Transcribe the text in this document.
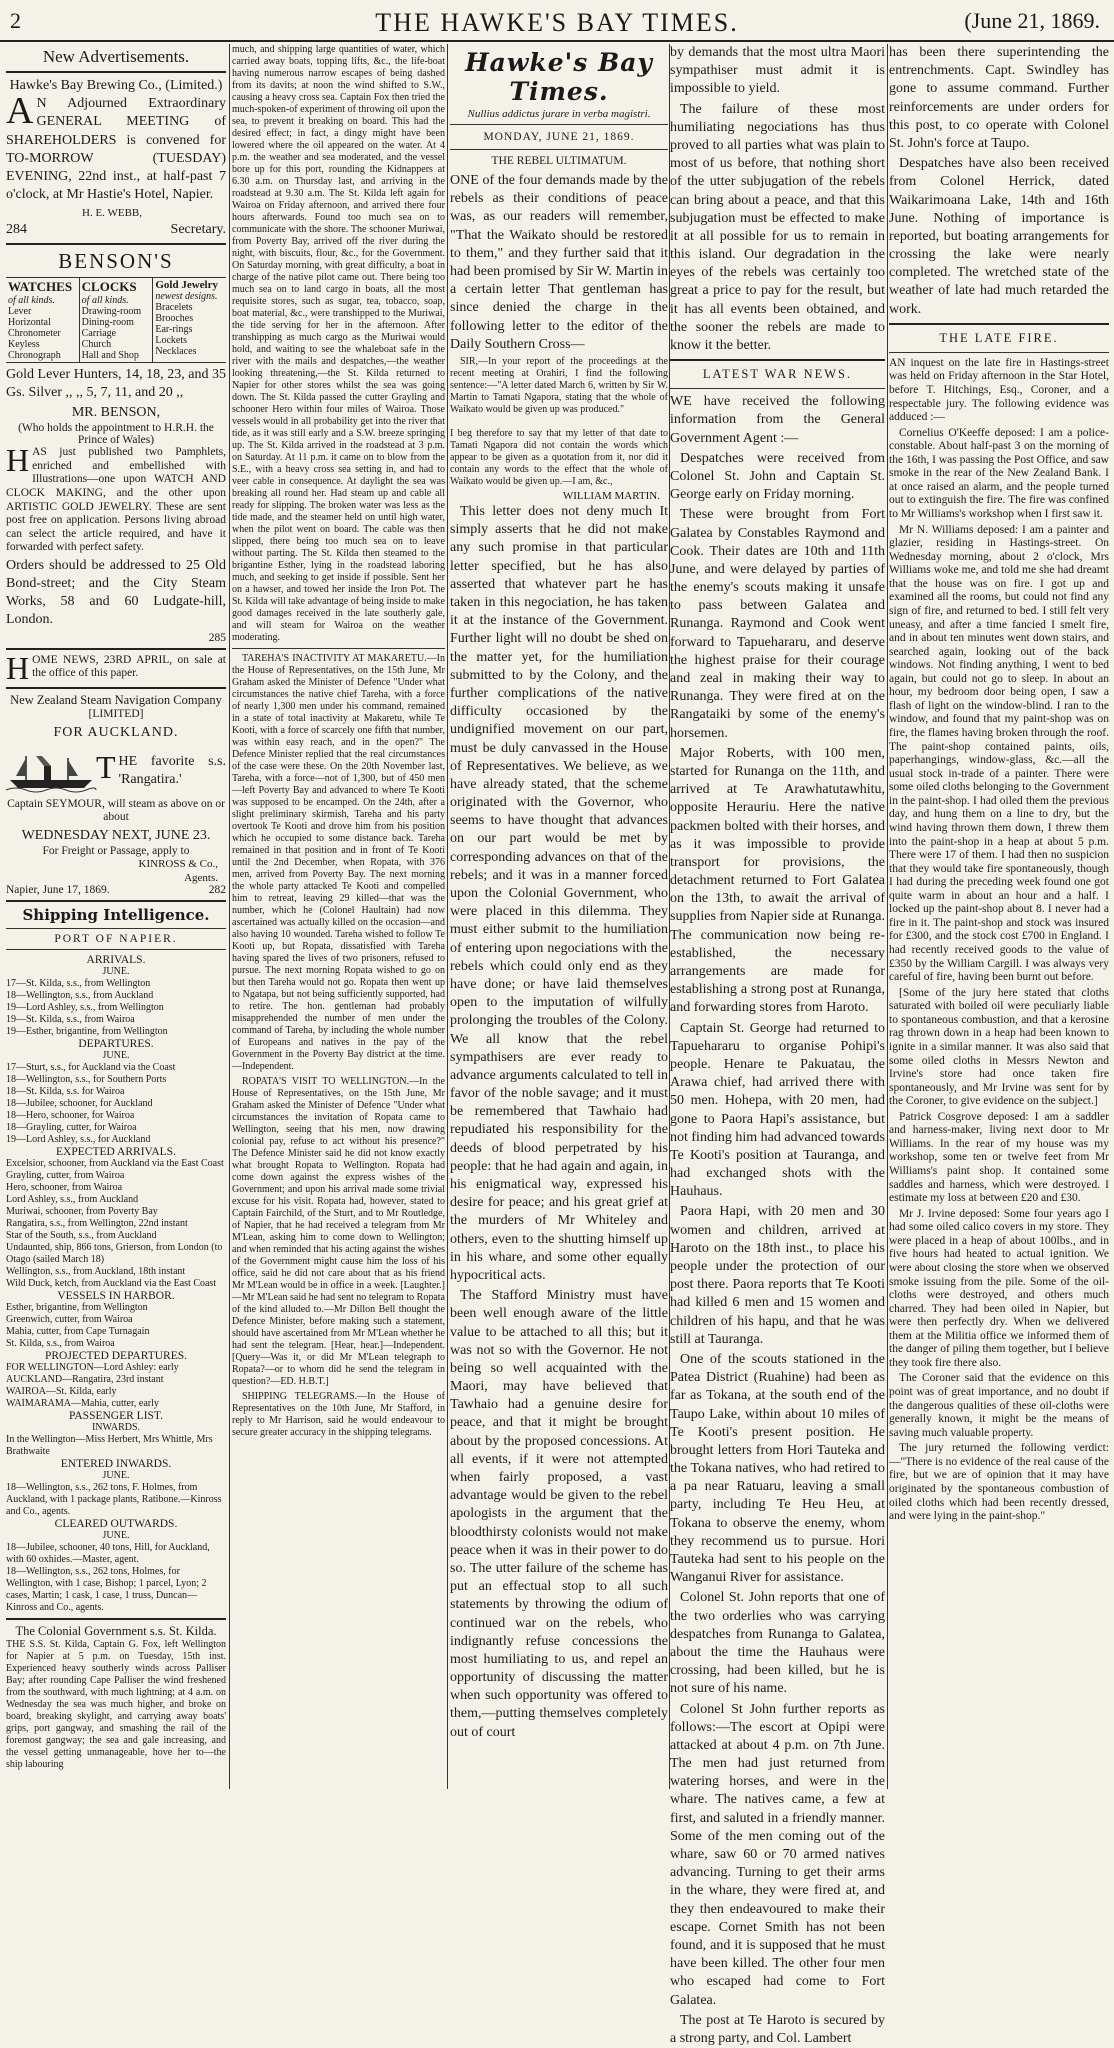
2	THE HAWKE'S BAY TIMES.	(June 21, 1869.
New Advertisements.
Hawke's Bay Brewing Co., (Limited.)
A N Adjourned Extraordinary GENERAL MEETING of SHAREHOLDERS is convened for TO-MORROW (TUESDAY) EVENING, 22nd inst., at half-past 7 o'clock, at Mr Hastie's Hotel, Napier.
H. E. WEBB,
284	Secretary.
BENSON'S
WATCHES
of all kinds.
Lever
Horizontal
Chronometer
Keyless
Chronograph
CLOCKS
of all kinds.
Drawing-room
Dining-room
Carriage
Church
Hall and Shop
Gold Jewelry
newest designs.
Bracelets
Brooches
Ear-rings
Lockets
Necklaces
Gold Lever Hunters, 14, 18, 23, and 35 Gs. Silver ,, ,, 5, 7, 11, and 20 ,,
MR. BENSON,
(Who holds the appointment to H.R.H. the Prince of Wales)
HAS just published two Pamphlets, enriched and embellished with Illustrations—one upon WATCH AND CLOCK MAKING, and the other upon ARTISTIC GOLD JEWELRY. These are sent post free on application. Persons living abroad can select the article required, and have it forwarded with perfect safety.
Orders should be addressed to 25 Old Bond-street; and the City Steam Works, 58 and 60 Ludgate-hill, London.
285
HOME NEWS, 23RD APRIL, on sale at the office of this paper.
New Zealand Steam Navigation Company
[LIMITED]
FOR AUCKLAND.
THE favorite s.s. 'Rangatira.'
Captain SEYMOUR, will steam as above on or about
WEDNESDAY NEXT, JUNE 23.
For Freight or Passage, apply to
KINROSS & Co.,
Agents.
Napier, June 17, 1869.	282
Shipping Intelligence.
PORT OF NAPIER.
ARRIVALS.
JUNE.
17—St. Kilda, s.s., from Wellington
18—Wellington, s.s., from Auckland
19—Lord Ashley, s.s., from Wellington
19—St. Kilda, s.s., from Wairoa
19—Esther, brigantine, from Wellington
DEPARTURES.
JUNE.
17—Sturt, s.s., for Auckland via the Coast
18—Wellington, s.s., for Southern Ports
18—St. Kilda, s.s. for Wairoa
18—Jubilee, schooner, for Auckland
18—Hero, schooner, for Wairoa
18—Grayling, cutter, for Wairoa
19—Lord Ashley, s.s., for Auckland
EXPECTED ARRIVALS.
Excelsior, schooner, from Auckland via the East Coast
Grayling, cutter, from Wairoa
Hero, schooner, from Wairoa
Lord Ashley, s.s., from Auckland
Muriwai, schooner, from Poverty Bay
Rangatira, s.s., from Wellington, 22nd instant
Star of the South, s.s., from Auckland
Undaunted, ship, 866 tons, Grierson, from London (to Otago (sailed March 18)
Wellington, s.s., from Auckland, 18th instant
Wild Duck, ketch, from Auckland via the East Coast
VESSELS IN HARBOR.
Esther, brigantine, from Wellington
Greenwich, cutter, from Wairoa
Mahia, cutter, from Cape Turnagain
St. Kilda, s.s., from Wairoa
PROJECTED DEPARTURES.
FOR WELLINGTON—Lord Ashley: early
AUCKLAND—Rangatira, 23rd instant
WAIROA—St. Kilda, early
WAIMARAMA—Mahia, cutter, early
PASSENGER LIST.
INWARDS.
In the Wellington—Miss Herbert, Mrs Whittle, Mrs Brathwaite
ENTERED INWARDS.
JUNE.
18—Wellington, s.s., 262 tons, F. Holmes, from Auckland, with 1 package plants, Ratibone.—Kinross and Co., agents.
CLEARED OUTWARDS.
JUNE.
18—Jubilee, schooner, 40 tons, Hill, for Auckland, with 60 oxhides.—Master, agent.
18—Wellington, s.s., 262 tons, Holmes, for Wellington, with 1 case, Bishop; 1 parcel, Lyon; 2 cases, Martin; 1 cask, 1 case, 1 truss, Duncan—Kinross and Co., agents.
The Colonial Government s.s. St. Kilda.
THE S.S. St. Kilda, Captain G. Fox, left Wellington for Napier at 5 p.m. on Tuesday, 15th inst. Experienced heavy southerly winds across Palliser Bay; after rounding Cape Palliser the wind freshened from the southward, with much lightning; at 4 a.m. on Wednesday the sea was much higher, and broke on board, breaking skylight, and carrying away boats' grips, port gangway, and smashing the rail of the foremost gangway; the sea and gale increasing, and the vessel getting unmanageable, hove her to—the ship labouring
much, and shipping large quantities of water, which carried away boats, topping lifts, &c., the life-boat having numerous narrow escapes of being dashed from its davits; at noon the wind shifted to S.W., causing a heavy cross sea. Captain Fox then tried the much-spoken-of experiment of throwing oil upon the sea, to prevent it breaking on board. This had the desired effect; in fact, a dingy might have been lowered where the oil appeared on the water. At 4 p.m. the weather and sea moderated, and the vessel bore up for this port, rounding the Kidnappers at 6.30 a.m. on Thursday last, and arriving in the roadstead at 9.30 a.m. The St. Kilda left again for Wairoa on Friday afternoon, and arrived there four hours afterwards. Found too much sea on to communicate with the shore. The schooner Muriwai, from Poverty Bay, arrived off the river during the night, with biscuits, flour, &c., for the Government. On Saturday morning, with great difficulty, a boat in charge of the native pilot came out. There being too much sea on to land cargo in boats, all the most requisite stores, such as sugar, tea, tobacco, soap, boat material, &c., were transhipped to the Muriwai, the tide serving for her in the afternoon. After transhipping as much cargo as the Muriwai would hold, and waiting to see the whaleboat safe in the river with the mails and despatches,—the weather looking threatening,—the St. Kilda returned to Napier for other stores whilst the sea was going down. The St. Kilda passed the cutter Grayling and schooner Hero within four miles of Wairoa. Those vessels would in all probability get into the river that tide, as it was still early and a S.W. breeze springing up. The St. Kilda arrived in the roadstead at 3 p.m. on Saturday. At 11 p.m. it came on to blow from the S.E., with a heavy cross sea setting in, and had to veer cable in consequence. At daylight the sea was breaking all round her. Had steam up and cable all ready for slipping. The broken water was less as the tide made, and the steamer held on until high water, when the pilot went on board. The cable was then slipped, there being too much sea on to leave without parting. The St. Kilda then steamed to the brigantine Esther, lying in the roadstead laboring much, and seeking to get inside if possible. Sent her on a hawser, and towed her inside the Iron Pot. The St. Kilda will take advantage of being inside to make good damages received in the late southerly gale, and will steam for Wairoa on the weather moderating.
TAREHA'S INACTIVITY AT MAKARETU.—In the House of Representatives, on the 15th June, Mr Graham asked the Minister of Defence "Under what circumstances the native chief Tareha, with a force of nearly 1,300 men under his command, remained in a state of total inactivity at Makaretu, while Te Kooti, with a force of scarcely one fifth that number, was within easy reach, and in the open?" The Defence Minister replied that the real circumstances of the case were these. On the 20th November last, Tareha, with a force—not of 1,300, but of 450 men—left Poverty Bay and advanced to where Te Kooti was supposed to be encamped. On the 24th, after a slight preliminary skirmish, Tareha and his party overtook Te Kooti and drove him from his position which he occupied to some distance back. Tareha remained in that position and in front of Te Kooti until the 2nd December, when Ropata, with 376 men, arrived from Poverty Bay. The next morning the whole party attacked Te Kooti and compelled him to retreat, leaving 29 killed—that was the number, which he (Colonel Haultain) had now ascertained was actually killed on the occasion—and also having 10 wounded. Tareha wished to follow Te Kooti up, but Ropata, dissatisfied with Tareha having spared the lives of two prisoners, refused to pursue. The next morning Ropata wished to go on but then Tareha would not go. Ropata then went up to Ngatapa, but not being sufficiently supported, had to retire. The hon. gentleman had probably misapprehended the number of men under the command of Tareha, by including the whole number of Europeans and natives in the pay of the Government in the Poverty Bay district at the time.—Independent.
ROPATA'S VISIT TO WELLINGTON.—In the House of Representatives, on the 15th June, Mr Graham asked the Minister of Defence "Under what circumstances the invitation of Ropata came to Wellington, seeing that his men, now drawing colonial pay, refuse to act without his presence?" The Defence Minister said he did not know exactly what brought Ropata to Wellington. Ropata had come down against the express wishes of the Government; and upon his arrival made some trivial excuse for his visit. Ropata had, however, stated to Captain Fairchild, of the Sturt, and to Mr Routledge, of Napier, that he had received a telegram from Mr M'Lean, asking him to come down to Wellington; and when reminded that his acting against the wishes of the Government might cause him the loss of his office, said he did not care about that as his friend Mr M'Lean would be in office in a week. [Laughter.]—Mr M'Lean said he had sent no telegram to Ropata of the kind alluded to.—Mr Dillon Bell thought the Defence Minister, before making such a statement, should have ascertained from Mr M'Lean whether he had sent the telegram. [Hear, hear.]—Independent. [Query—Was it, or did Mr M'Lean telegraph to Ropata?—or to whom did he send the telegram in question?—ED. H.B.T.]
SHIPPING TELEGRAMS.—In the House of Representatives on the 10th June, Mr Stafford, in reply to Mr Harrison, said he would endeavour to secure greater accuracy in the shipping telegrams.
Hawke's Bay Times.
Nullius addictus jurare in verba magistri.
MONDAY, JUNE 21, 1869.
THE REBEL ULTIMATUM.
ONE of the four demands made by the rebels as their conditions of peace was, as our readers will remember, "That the Waikato should be restored to them," and they further said that it had been promised by Sir W. Martin in a certain letter That gentleman has since denied the charge in the following letter to the editor of the Daily Southern Cross—
SIR,—In your report of the proceedings at the recent meeting at Orahiri, I find the following sentence:—"A letter dated March 6, written by Sir W. Martin to Tamati Ngapora, stating that the whole of Waikato would be given up was produced."

I beg therefore to say that my letter of that date to Tamati Ngapora did not contain the words which appear to be given as a quotation from it, nor did it contain any words to the effect that the whole of Waikato would be given up.—I am, &c.,
WILLIAM MARTIN.
This letter does not deny much It simply asserts that he did not make any such promise in that particular letter specified, but he has also asserted that whatever part he has taken in this negociation, he has taken it at the instance of the Government. Further light will no doubt be shed on the matter yet, for the humiliation submitted to by the Colony, and the further complications of the native difficulty occasioned by the undignified movement on our part, must be duly canvassed in the House of Representatives. We believe, as we have already stated, that the scheme originated with the Governor, who seems to have thought that advances on our part would be met by corresponding advances on that of the rebels; and it was in a manner forced upon the Colonial Government, who were placed in this dilemma. They must either submit to the humiliation of entering upon negociations with the rebels which could only end as they have done; or have laid themselves open to the imputation of wilfully prolonging the troubles of the Colony. We all know that the rebel sympathisers are ever ready to advance arguments calculated to tell in favor of the noble savage; and it must be remembered that Tawhaio had repudiated his responsibility for the deeds of blood perpetrated by his people: that he had again and again, in his enigmatical way, expressed his desire for peace; and his great grief at the murders of Mr Whiteley and others, even to the shutting himself up in his whare, and some other equally hypocritical acts.
The Stafford Ministry must have been well enough aware of the little value to be attached to all this; but it was not so with the Governor. He not being so well acquainted with the Maori, may have believed that Tawhaio had a genuine desire for peace, and that it might be brought about by the proposed concessions. At all events, if it were not attempted when fairly proposed, a vast advantage would be given to the rebel apologists in the argument that the bloodthirsty colonists would not make peace when it was in their power to do so. The utter failure of the scheme has put an effectual stop to all such statements by throwing the odium of continued war on the rebels, who indignantly refuse concessions the most humiliating to us, and repel an opportunity of discussing the matter when such opportunity was offered to them,—putting themselves completely out of court
by demands that the most ultra Maori sympathiser must admit it is impossible to yield.
The failure of these most humiliating negociations has thus proved to all parties what was plain to most of us before, that nothing short of the utter subjugation of the rebels can bring about a peace, and that this subjugation must be effected to make it at all possible for us to remain in this island. Our degradation in the eyes of the rebels was certainly too great a price to pay for the result, but it has all events been obtained, and the sooner the rebels are made to know it the better.
LATEST WAR NEWS.
WE have received the following information from the General Government Agent :—
Despatches were received from Colonel St. John and Captain St. George early on Friday morning.
These were brought from Fort Galatea by Constables Raymond and Cook. Their dates are 10th and 11th June, and were delayed by parties of the enemy's scouts making it unsafe to pass between Galatea and Runanga. Raymond and Cook went forward to Tapuehararu, and deserve the highest praise for their courage and zeal in making their way to Runanga. They were fired at on the Rangataiki by some of the enemy's horsemen.
Major Roberts, with 100 men, started for Runanga on the 11th, and arrived at Te Arawhatutawhitu, opposite Herauriu. Here the native packmen bolted with their horses, and as it was impossible to provide transport for provisions, the detachment returned to Fort Galatea on the 13th, to await the arrival of supplies from Napier side at Runanga. The communication now being re-established, the necessary arrangements are made for establishing a strong post at Runanga, and forwarding stores from Haroto.
Captain St. George had returned to Tapuehararu to organise Pohipi's people. Henare te Pakuatau, the Arawa chief, had arrived there with 50 men. Hohepa, with 20 men, had gone to Paora Hapi's assistance, but not finding him had advanced towards Te Kooti's position at Tauranga, and had exchanged shots with the Hauhaus.
Paora Hapi, with 20 men and 30 women and children, arrived at Haroto on the 18th inst., to place his people under the protection of our post there. Paora reports that Te Kooti had killed 6 men and 15 women and children of his hapu, and that he was still at Tauranga.
One of the scouts stationed in the Patea District (Ruahine) had been as far as Tokana, at the south end of the Taupo Lake, within about 10 miles of Te Kooti's present position. He brought letters from Hori Tauteka and the Tokana natives, who had retired to a pa near Ratuaru, leaving a small party, including Te Heu Heu, at Tokana to observe the enemy, whom they recommend us to pursue. Hori Tauteka had sent to his people on the Wanganui River for assistance.
Colonel St. John reports that one of the two orderlies who was carrying despatches from Runanga to Galatea, about the time the Hauhaus were crossing, had been killed, but he is not sure of his name.
Colonel St John further reports as follows:—The escort at Opipi were attacked at about 4 p.m. on 7th June. The men had just returned from watering horses, and were in the whare. The natives came, a few at first, and saluted in a friendly manner. Some of the men coming out of the whare, saw 60 or 70 armed natives advancing. Turning to get their arms in the whare, they were fired at, and they then endeavoured to make their escape. Cornet Smith has not been found, and it is supposed that he must have been killed. The other four men who escaped had come to Fort Galatea.
The post at Te Haroto is secured by a strong party, and Col. Lambert
has been there superintending the entrenchments. Capt. Swindley has gone to assume command. Further reinforcements are under orders for this post, to co operate with Colonel St. John's force at Taupo.
Despatches have also been received from Colonel Herrick, dated Waikarimoana Lake, 14th and 16th June. Nothing of importance is reported, but boating arrangements for crossing the lake were nearly completed. The wretched state of the weather of late had much retarded the work.
THE LATE FIRE.
AN inquest on the late fire in Hastings-street was held on Friday afternoon in the Star Hotel, before T. Hitchings, Esq., Coroner, and a respectable jury. The following evidence was adduced :—
Cornelius O'Keeffe deposed: I am a police-constable. About half-past 3 on the morning of the 16th, I was passing the Post Office, and saw smoke in the rear of the New Zealand Bank. I at once raised an alarm, and the people turned out to extinguish the fire. The fire was confined to Mr Williams's workshop when I first saw it.
Mr N. Williams deposed: I am a painter and glazier, residing in Hastings-street. On Wednesday morning, about 2 o'clock, Mrs Williams woke me, and told me she had dreamt that the house was on fire. I got up and examined all the rooms, but could not find any sign of fire, and returned to bed. I still felt very uneasy, and after a time fancied I smelt fire, and in about ten minutes went down stairs, and searched again, looking out of the back windows. Not finding anything, I went to bed again, but could not go to sleep. In about an hour, my bedroom door being open, I saw a flash of light on the window-blind. I ran to the window, and found that my paint-shop was on fire, the flames having broken through the roof. The paint-shop contained paints, oils, paperhangings, window-glass, &c.—all the usual stock in-trade of a painter. There were some oiled cloths belonging to the Government in the paint-shop. I had oiled them the previous day, and hung them on a line to dry, but the wind having thrown them down, I threw them into the paint-shop in a heap at about 5 p.m. There were 17 of them. I had then no suspicion that they would take fire spontaneously, though I had during the preceding week found one got quite warm in about an hour and a half. I locked up the paint-shop about 8. I never had a fire in it. The paint-shop and stock was insured for £300, and the stock cost £700 in England. I had recently received goods to the value of £350 by the William Cargill. I was always very careful of fire, having been burnt out before.
[Some of the jury here stated that cloths saturated with boiled oil were peculiarly liable to spontaneous combustion, and that a kerosine rag thrown down in a heap had been known to ignite in a similar manner. It was also said that some oiled cloths in Messrs Newton and Irvine's store had once taken fire spontaneously, and Mr Irvine was sent for by the Coroner, to give evidence on the subject.]
Patrick Cosgrove deposed: I am a saddler and harness-maker, living next door to Mr Williams. In the rear of my house was my workshop, some ten or twelve feet from Mr Williams's paint shop. It contained some saddles and harness, which were destroyed. I estimate my loss at between £20 and £30.
Mr J. Irvine deposed: Some four years ago I had some oiled calico covers in my store. They were placed in a heap of about 100lbs., and in five hours had heated to actual ignition. We were about closing the store when we observed smoke issuing from the pile. Some of the oil-cloths were destroyed, and others much charred. They had been oiled in Napier, but were then perfectly dry. When we delivered them at the Militia office we informed them of the danger of piling them together, but I believe they took fire there also.
The Coroner said that the evidence on this point was of great importance, and no doubt if the dangerous qualities of these oil-cloths were generally known, it might be the means of saving much valuable property.
The jury returned the following verdict:—"There is no evidence of the real cause of the fire, but we are of opinion that it may have originated by the spontaneous combustion of oiled cloths which had been recently dressed, and were lying in the paint-shop."
